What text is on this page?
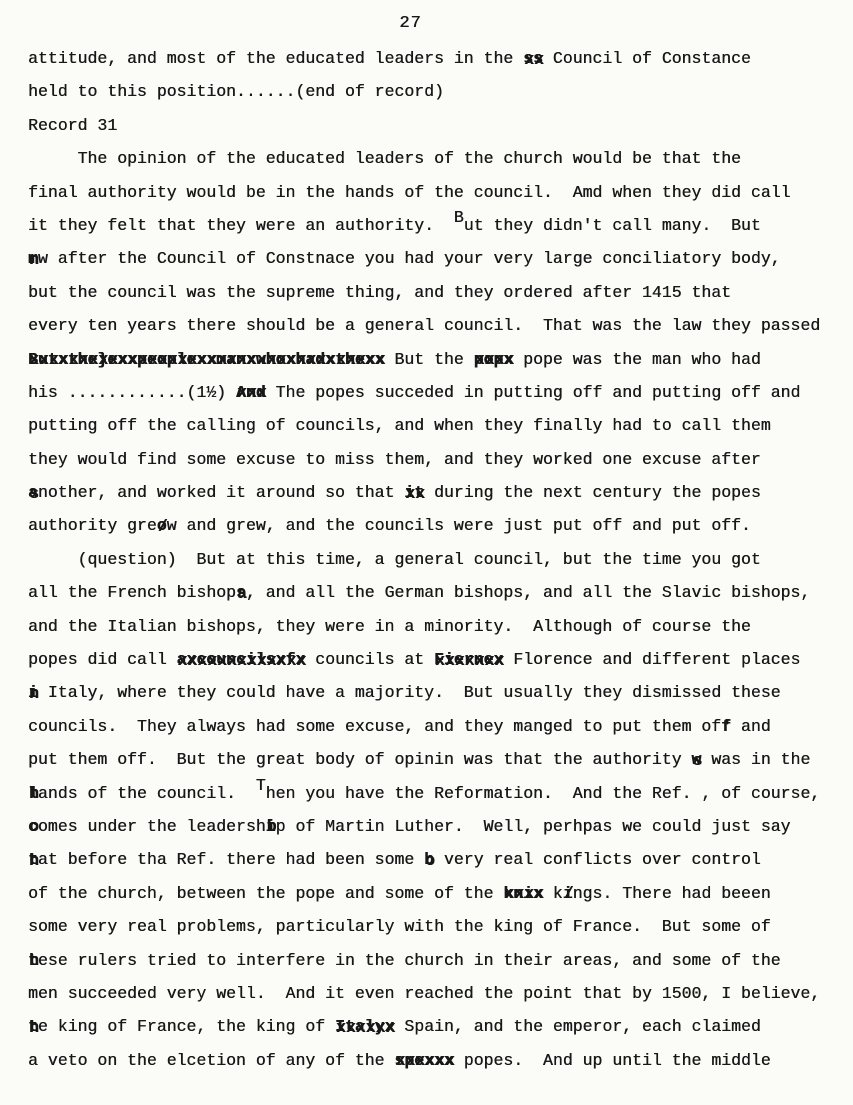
27
attitude, and most of the educated leaders in the ss xx Council of Constance
held to this position......(end of record)
Record 31
The opinion of the educated leaders of the church would be that the
final authority would be in the hands of the council.  Amd when they did call
it they felt that they were an authority.  But they didn't call many.  But
m nw after the Council of Constnace you had your very large conciliatory body,
but the council was the supreme thing, and they ordered after 1415 that
every ten years there should be a general council.  That was the law they passed
Butxthe}exxpeoplexxmanxwhoxhadxthexx xxxxxxxxxxxxxxxxxxxxxxxxxxxxxxxxxxxx But the popx xxxx pope was the man who had
his ............(1½) And xxx The popes succeded in putting off and putting off and
putting off the calling of councils, and when they finally had to call them
they would find some excuse to miss them, and they worked one excuse after
a snother, and worked it around so that it xx during the next century the popes
authority greo /w and grew, and the councils were just put off and put off.
(question)  But at this time, a general council, but the time you got
all the French bishops a, and all the German bishops, and all the Slavic bishops,
and the Italian bishops, they were in a minority.  Although of course the
popes did call axcouncilsxfx xxxxxxxxxxxxx councils at Fiernex xxxxxxx Florence and different places
i n Italy, where they could have a majority.  But usually they dismissed these
councils.  They always had some excuse, and they manged to put them off ' and
put them off.  But the great body of opinin was that the authority w s was in the
l hands of the council.  Then you have the Reformation.  And the Ref. , of course,
c oomes under the leadershi bp of Martin Luther.  Well, perhpas we could just say
t hat before tha Ref. there had been some b o very real conflicts over control
of the church, between the pope and some of the knix xxxx ki /ngs. There had beeen
some very real problems, particularly with the king of France.  But some of
t hese rulers tried to interfere in the church in their areas, and some of the
men succeeded very well.  And it even reached the point that by 1500, I believe,
t he king of France, the king of Italyx xxxxxx Spain, and the emperor, each claimed
a veto on the elcetion of any of the spexxx xxxxxx popes.  And up until the middle
